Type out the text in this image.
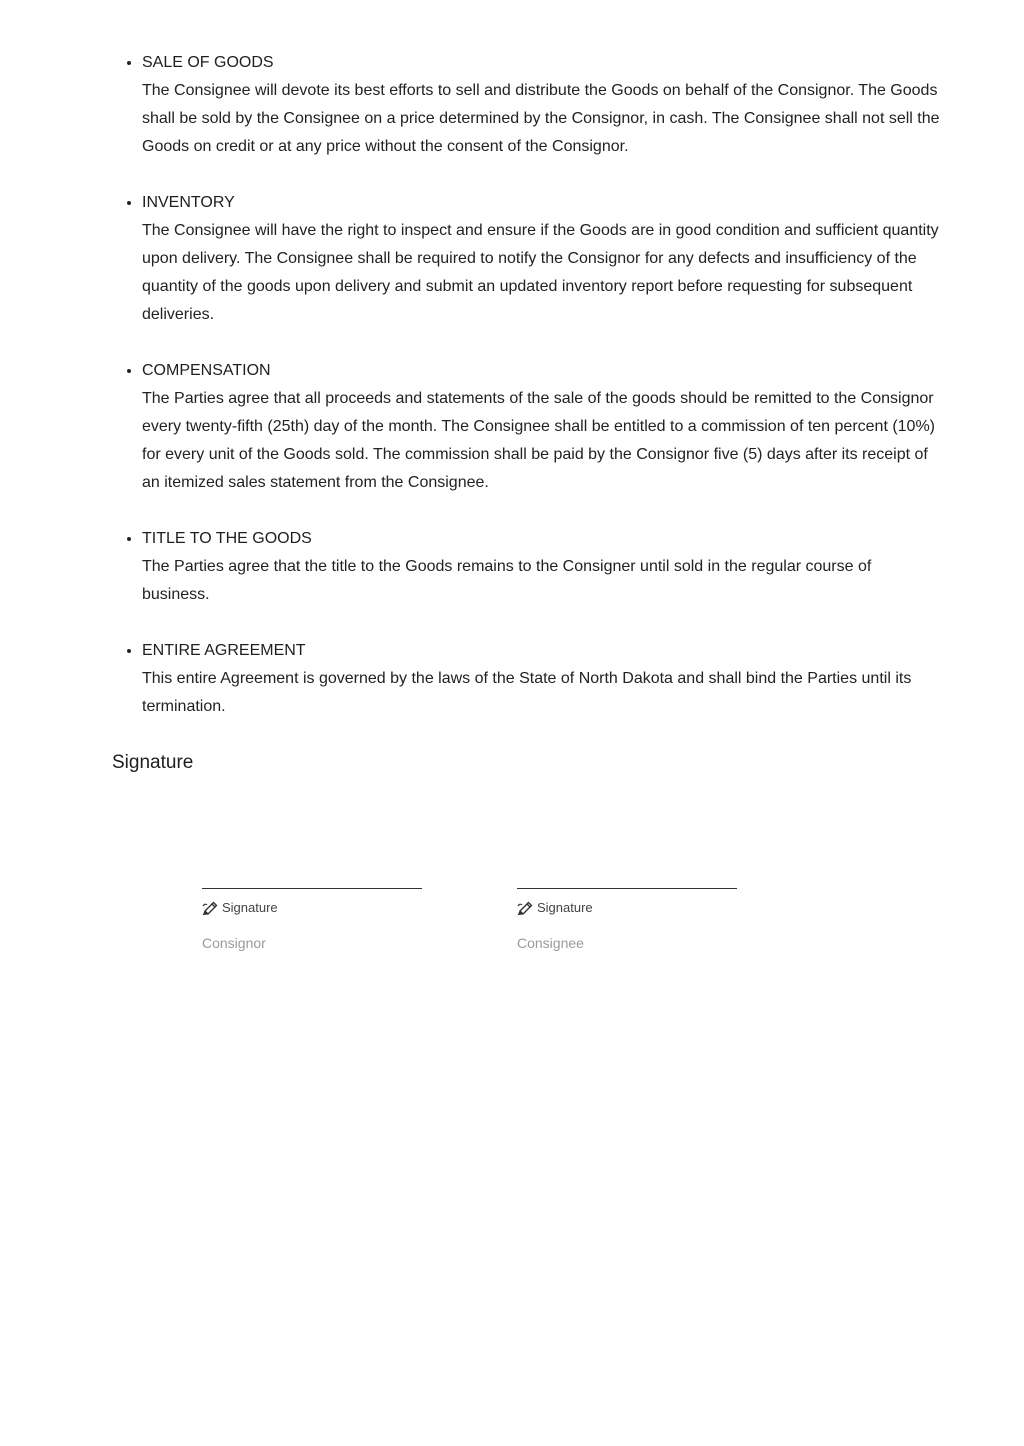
• SALE OF GOODS
The Consignee will devote its best efforts to sell and distribute the Goods on behalf of the Consignor. The Goods shall be sold by the Consignee on a price determined by the Consignor, in cash. The Consignee shall not sell the Goods on credit or at any price without the consent of the Consignor.
• INVENTORY
The Consignee will have the right to inspect and ensure if the Goods are in good condition and sufficient quantity upon delivery. The Consignee shall be required to notify the Consignor for any defects and insufficiency of the quantity of the goods upon delivery and submit an updated inventory report before requesting for subsequent deliveries.
• COMPENSATION
The Parties agree that all proceeds and statements of the sale of the goods should be remitted to the Consignor every twenty-fifth (25th) day of the month. The Consignee shall be entitled to a commission of ten percent (10%) for every unit of the Goods sold. The commission shall be paid by the Consignor five (5) days after its receipt of an itemized sales statement from the Consignee.
• TITLE TO THE GOODS
The Parties agree that the title to the Goods remains to the Consigner until sold in the regular course of business.
• ENTIRE AGREEMENT
This entire Agreement is governed by the laws of the State of North Dakota and shall bind the Parties until its termination.
Signature
Signature
Consignor
Signature
Consignee
